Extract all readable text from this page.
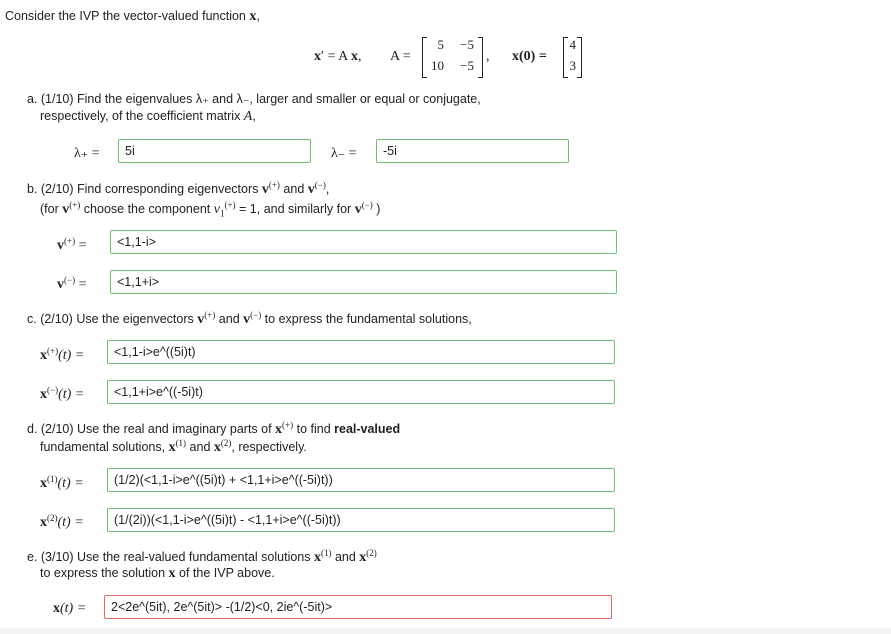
Consider the IVP the vector-valued function x,
x′ = A x, A =
5	−5
10	−5
, x(0) =
4
3
a. (1/10) Find the eigenvalues λ₊ and λ₋, larger and smaller or equal or conjugate,
respectively, of the coefficient matrix A,
λ₊ =
5i	λ₋ =
-5i
b. (2/10) Find corresponding eigenvectors v(+) and v(−),
(for v(+) choose the component $v_1^{(+)} = 1$, and similarly for v(−) )
v(+) =
<1,1-i>
v(−) =
<1,1+i>
c. (2/10) Use the eigenvectors v(+) and v(−) to express the fundamental solutions,
x(+)(t) =
<1,1-i>e^((5i)t)
x(−)(t) =
<1,1+i>e^((-5i)t)
d. (2/10) Use the real and imaginary parts of x(+) to find real-valued
fundamental solutions, $x^{(1)}$ and $x^{(2)}$, respectively.
$x^{(1)}(t)$ =
(1/2)(<1,1-i>e^((5i)t) + <1,1+i>e^((-5i)t))
$x^{(2)}(t)$ =
(1/(2i))(<1,1-i>e^((5i)t) - <1,1+i>e^((-5i)t))
e. (3/10) Use the real-valued fundamental solutions $x^{(1)}$ and $x^{(2)}$
to express the solution x of the IVP above.
x(t) =
2<2e^(5it), 2e^(5it)> -(1/2)<0, 2ie^(-5it)>
